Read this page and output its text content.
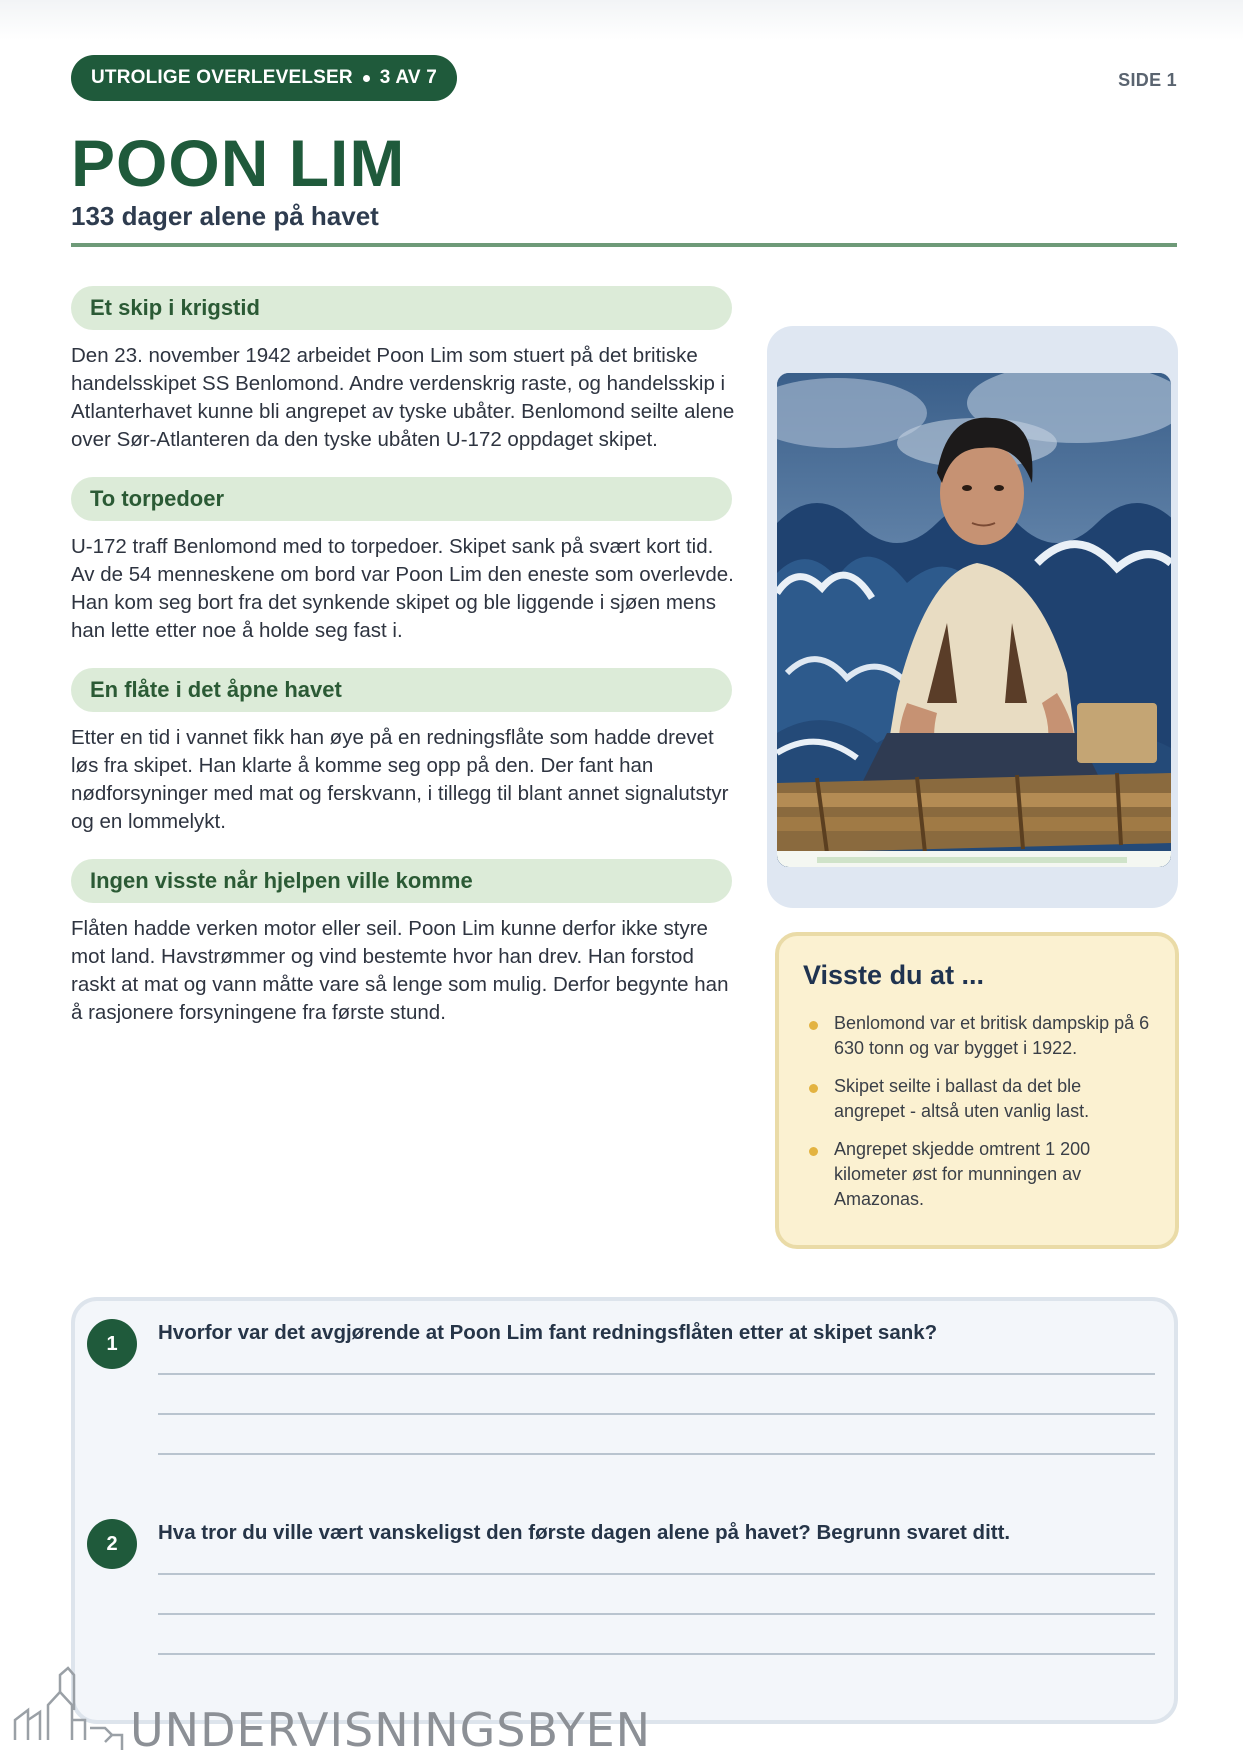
UTROLIGE OVERLEVELSER 3 AV 7	SIDE 1
POON LIM
133 dager alene på havet
Et skip i krigstid

Den 23. november 1942 arbeidet Poon Lim som stuert på det britiske handelsskipet SS Benlomond. Andre verdenskrig raste, og handelsskip i Atlanterhavet kunne bli angrepet av tyske ubåter. Benlomond seilte alene over Sør-Atlanteren da den tyske ubåten U-172 oppdaget skipet.

To torpedoer

U-172 traff Benlomond med to torpedoer. Skipet sank på svært kort tid. Av de 54 menneskene om bord var Poon Lim den eneste som overlevde. Han kom seg bort fra det synkende skipet og ble liggende i sjøen mens han lette etter noe å holde seg fast i.

En flåte i det åpne havet

Etter en tid i vannet fikk han øye på en redningsflåte som hadde drevet løs fra skipet. Han klarte å komme seg opp på den. Der fant han nødforsyninger med mat og ferskvann, i tillegg til blant annet signalutstyr og en lommelykt.

Ingen visste når hjelpen ville komme

Flåten hadde verken motor eller seil. Poon Lim kunne derfor ikke styre mot land. Havstrømmer og vind bestemte hvor han drev. Han forstod raskt at mat og vann måtte vare så lenge som mulig. Derfor begynte han å rasjonere forsyningene fra første stund.

Visste du at ...
Benlomond var et britisk dampskip på 6 630 tonn og var bygget i 1922.
Skipet seilte i ballast da det ble angrepet - altså uten vanlig last.
Angrepet skjedde omtrent 1 200 kilometer øst for munningen av Amazonas.
1	Hvorfor var det avgjørende at Poon Lim fant redningsflåten etter at skipet sank?
2	Hva tror du ville vært vanskeligst den første dagen alene på havet? Begrunn svaret ditt.
UNDERVISNINGSBYEN
